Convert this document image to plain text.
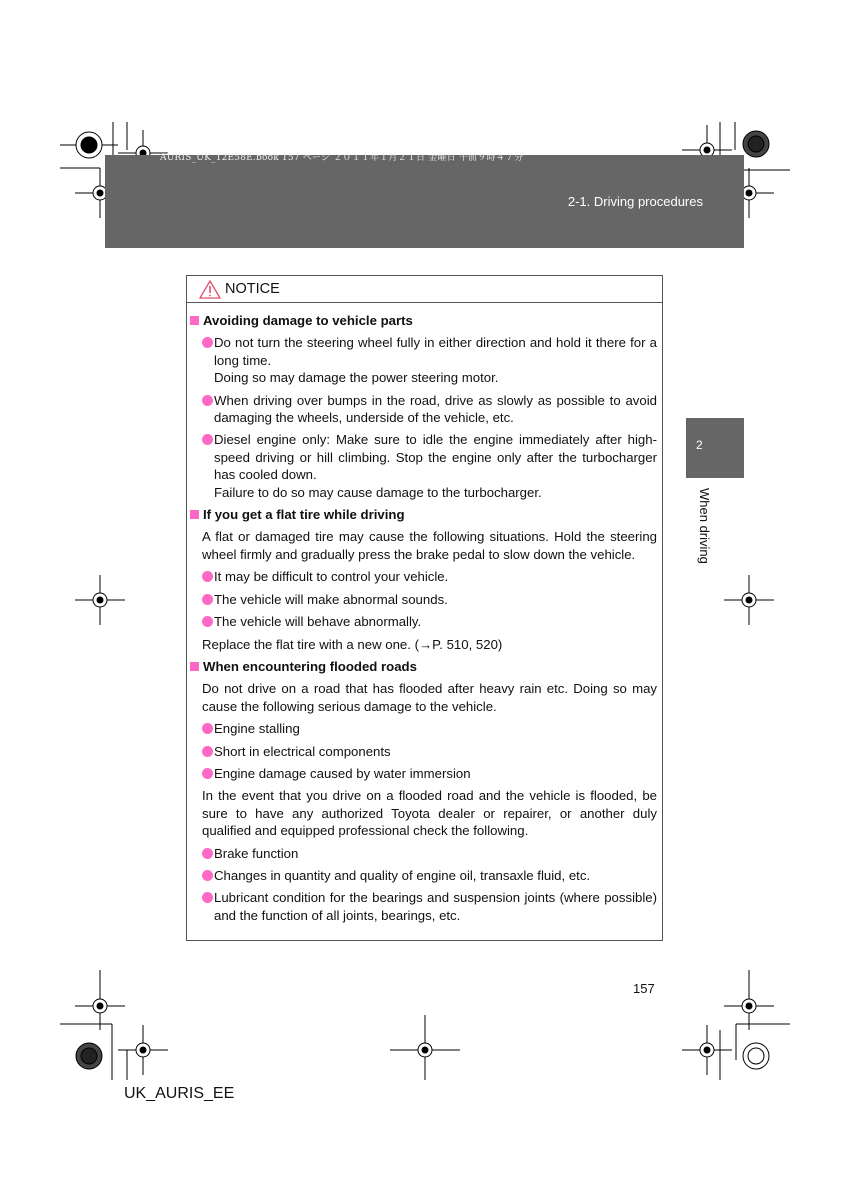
AURIS_UK_12E58E.book 157 ページ ２０１１年１月２１日 金曜日 午前９時４７分
2-1. Driving procedures
2
When driving
NOTICE
Avoiding damage to vehicle parts
Do not turn the steering wheel fully in either direction and hold it there for a long time.
Doing so may damage the power steering motor.
When driving over bumps in the road, drive as slowly as possible to avoid damaging the wheels, underside of the vehicle, etc.
Diesel engine only: Make sure to idle the engine immediately after high-speed driving or hill climbing. Stop the engine only after the turbocharger has cooled down.
Failure to do so may cause damage to the turbocharger.
If you get a flat tire while driving
A flat or damaged tire may cause the following situations. Hold the steering wheel firmly and gradually press the brake pedal to slow down the vehicle.
It may be difficult to control your vehicle.
The vehicle will make abnormal sounds.
The vehicle will behave abnormally.
Replace the flat tire with a new one. (→P. 510, 520)
When encountering flooded roads
Do not drive on a road that has flooded after heavy rain etc. Doing so may cause the following serious damage to the vehicle.
Engine stalling
Short in electrical components
Engine damage caused by water immersion
In the event that you drive on a flooded road and the vehicle is flooded, be sure to have any authorized Toyota dealer or repairer, or another duly qualified and equipped professional check the following.
Brake function
Changes in quantity and quality of engine oil, transaxle fluid, etc.
Lubricant condition for the bearings and suspension joints (where possible) and the function of all joints, bearings, etc.
157
UK_AURIS_EE
